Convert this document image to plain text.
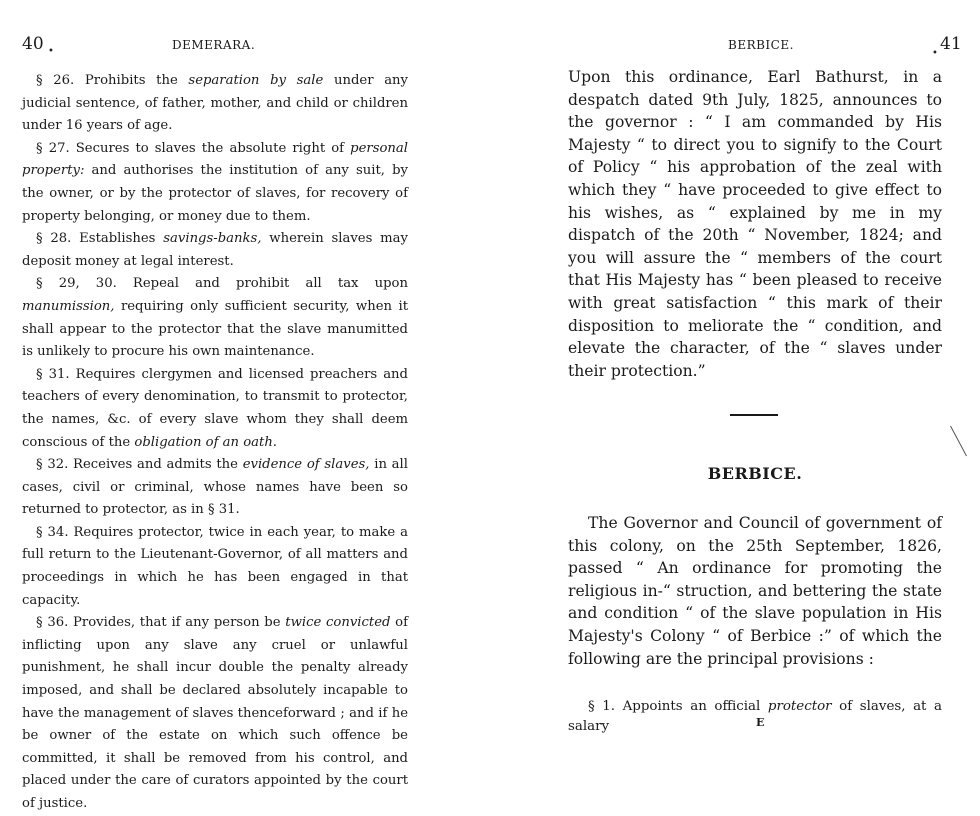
40 •	DEMERARA.

§ 26. Prohibits the separation by sale under any judicial sentence, of father, mother, and child or children under 16 years of age.

§ 27. Secures to slaves the absolute right of personal property: and authorises the institution of any suit, by the owner, or by the protector of slaves, for recovery of property belonging, or money due to them.

§ 28. Establishes savings-banks, wherein slaves may deposit money at legal interest.

§ 29, 30. Repeal and prohibit all tax upon manumission, requiring only sufficient security, when it shall appear to the protector that the slave manumitted is unlikely to procure his own maintenance.

§ 31. Requires clergymen and licensed preachers and teachers of every denomination, to transmit to protector, the names, &c. of every slave whom they shall deem conscious of the obligation of an oath.

§ 32. Receives and admits the evidence of slaves, in all cases, civil or criminal, whose names have been so returned to protector, as in § 31.

§ 34. Requires protector, twice in each year, to make a full return to the Lieutenant-Governor, of all matters and proceedings in which he has been engaged in that capacity.

§ 36. Provides, that if any person be twice convicted of inflicting upon any slave any cruel or unlawful punishment, he shall incur double the penalty already imposed, and shall be declared absolutely incapable to have the management of slaves thenceforward ; and if he be owner of the estate on which such offence be committed, it shall be removed from his control, and placed under the care of curators appointed by the court of justice.

BERBICE.
• 41

Upon this ordinance, Earl Bathurst, in a despatch dated 9th July, 1825, announces to the governor : “ I am commanded by His Majesty “ to direct you to signify to the Court of Policy “ his approbation of the zeal with which they “ have proceeded to give effect to his wishes, as “ explained by me in my dispatch of the 20th “ November, 1824; and you will assure the “ members of the court that His Majesty has “ been pleased to receive with great satisfaction “ this mark of their disposition to meliorate the “ condition, and elevate the character, of the “ slaves under their protection.”

BERBICE.

The Governor and Council of government of this colony, on the 25th September, 1826, passed “ An ordinance for promoting the religious in-“ struction, and bettering the state and condition “ of the slave population in His Majesty's Colony “ of Berbice :” of which the following are the principal provisions :

§ 1. Appoints an official protector of slaves, at a salary	E
